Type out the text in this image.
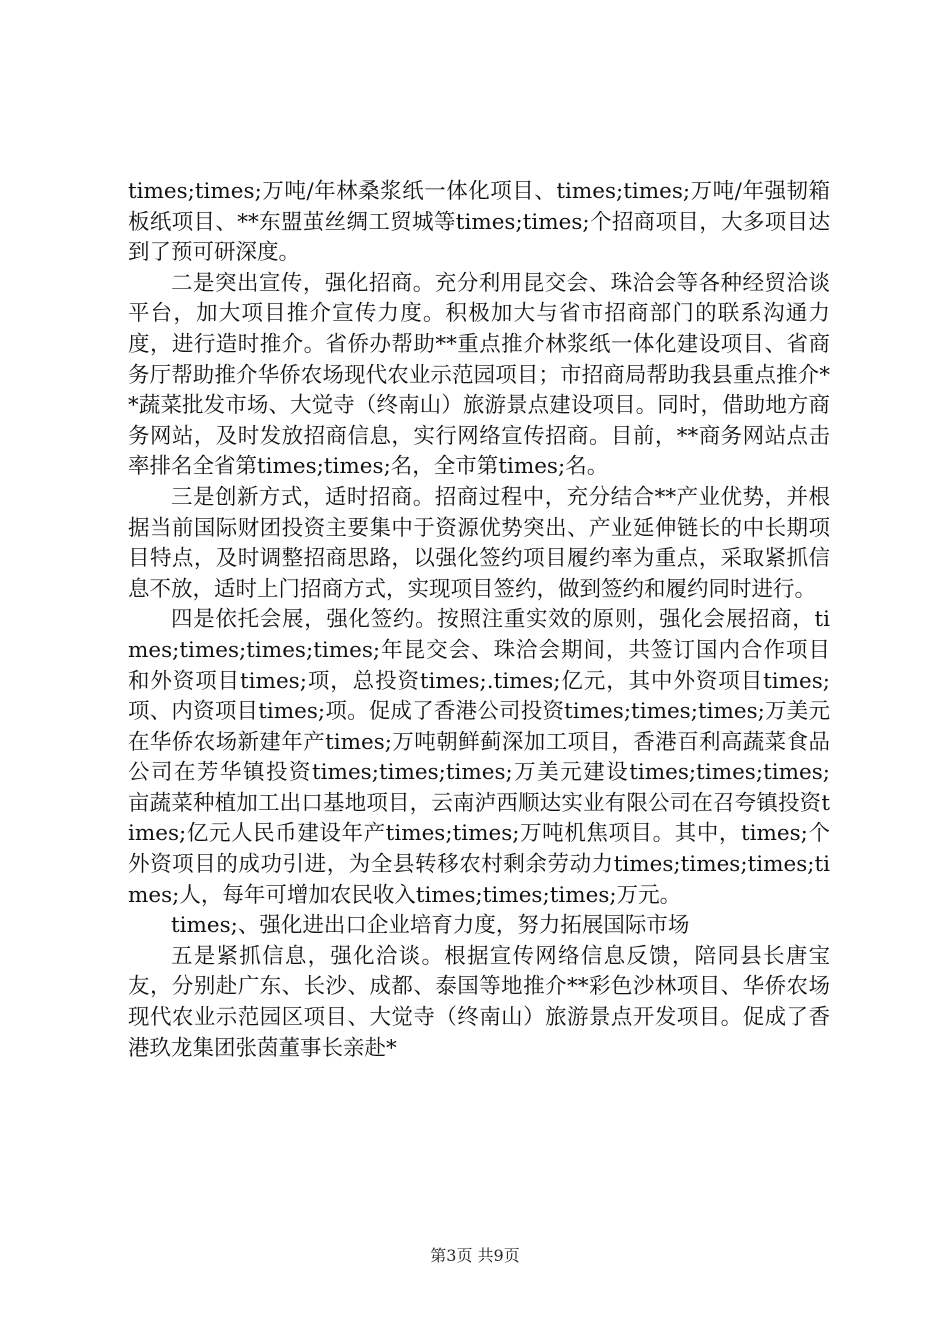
times;times;万吨/年林桑浆纸一体化项目、times;times;万吨/年强韧箱板纸项目、**东盟茧丝绸工贸城等times;times;个招商项目，大多项目达到了预可研深度。

二是突出宣传，强化招商。充分利用昆交会、珠洽会等各种经贸洽谈平台，加大项目推介宣传力度。积极加大与省市招商部门的联系沟通力度，进行造时推介。省侨办帮助**重点推介林浆纸一体化建设项目、省商务厅帮助推介华侨农场现代农业示范园项目；市招商局帮助我县重点推介**蔬菜批发市场、大觉寺（终南山）旅游景点建设项目。同时，借助地方商务网站，及时发放招商信息，实行网络宣传招商。目前，**商务网站点击率排名全省第times;times;名，全市第times;名。

三是创新方式，适时招商。招商过程中，充分结合**产业优势，并根据当前国际财团投资主要集中于资源优势突出、产业延伸链长的中长期项目特点，及时调整招商思路，以强化签约项目履约率为重点，采取紧抓信息不放，适时上门招商方式，实现项目签约，做到签约和履约同时进行。

四是依托会展，强化签约。按照注重实效的原则，强化会展招商，times;times;times;times;年昆交会、珠洽会期间，共签订国内合作项目和外资项目times;项，总投资times;.times;亿元，其中外资项目times;项、内资项目times;项。促成了香港公司投资times;times;times;万美元在华侨农场新建年产times;万吨朝鲜蓟深加工项目，香港百利高蔬菜食品公司在芳华镇投资times;times;times;万美元建设times;times;times;亩蔬菜种植加工出口基地项目，云南泸西顺达实业有限公司在召夸镇投资times;亿元人民币建设年产times;times;万吨机焦项目。其中，times;个外资项目的成功引进，为全县转移农村剩余劳动力times;times;times;times;人，每年可增加农民收入times;times;times;万元。

times;、强化进出口企业培育力度，努力拓展国际市场

五是紧抓信息，强化洽谈。根据宣传网络信息反馈，陪同县长唐宝友，分别赴广东、长沙、成都、泰国等地推介**彩色沙林项目、华侨农场现代农业示范园区项目、大觉寺（终南山）旅游景点开发项目。促成了香港玖龙集团张茵董事长亲赴*

第3页 共9页
